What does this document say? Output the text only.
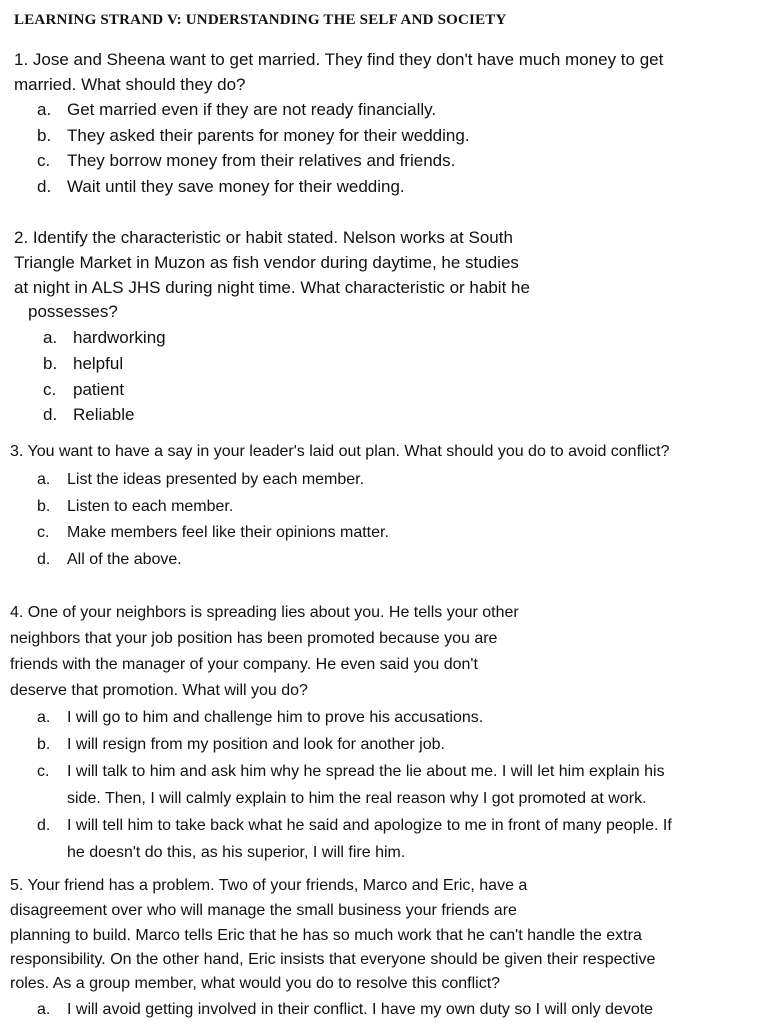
LEARNING STRAND V: UNDERSTANDING THE SELF AND SOCIETY
1. Jose and Sheena want to get married. They find they don't have much money to get
married. What should they do?
a. Get married even if they are not ready financially.
b. They asked their parents for money for their wedding.
c. They borrow money from their relatives and friends.
d. Wait until they save money for their wedding.
2. Identify the characteristic or habit stated. Nelson works at South
Triangle Market in Muzon as fish vendor during daytime, he studies
at night in ALS JHS during night time. What characteristic or habit he
possesses?
a. hardworking
b. helpful
c. patient
d. Reliable
3. You want to have a say in your leader's laid out plan. What should you do to avoid conflict?
a. List the ideas presented by each member.
b. Listen to each member.
c. Make members feel like their opinions matter.
d. All of the above.
4. One of your neighbors is spreading lies about you. He tells your other
neighbors that your job position has been promoted because you are
friends with the manager of your company. He even said you don't
deserve that promotion. What will you do?
a. I will go to him and challenge him to prove his accusations.
b. I will resign from my position and look for another job.
c. I will talk to him and ask him why he spread the lie about me. I will let him explain his
side. Then, I will calmly explain to him the real reason why I got promoted at work.
d. I will tell him to take back what he said and apologize to me in front of many people. If
he doesn't do this, as his superior, I will fire him.
5. Your friend has a problem. Two of your friends, Marco and Eric, have a
disagreement over who will manage the small business your friends are
planning to build. Marco tells Eric that he has so much work that he can't handle the extra
responsibility. On the other hand, Eric insists that everyone should be given their respective
roles. As a group member, what would you do to resolve this conflict?
a. I will avoid getting involved in their conflict. I have my own duty so I will only devote
